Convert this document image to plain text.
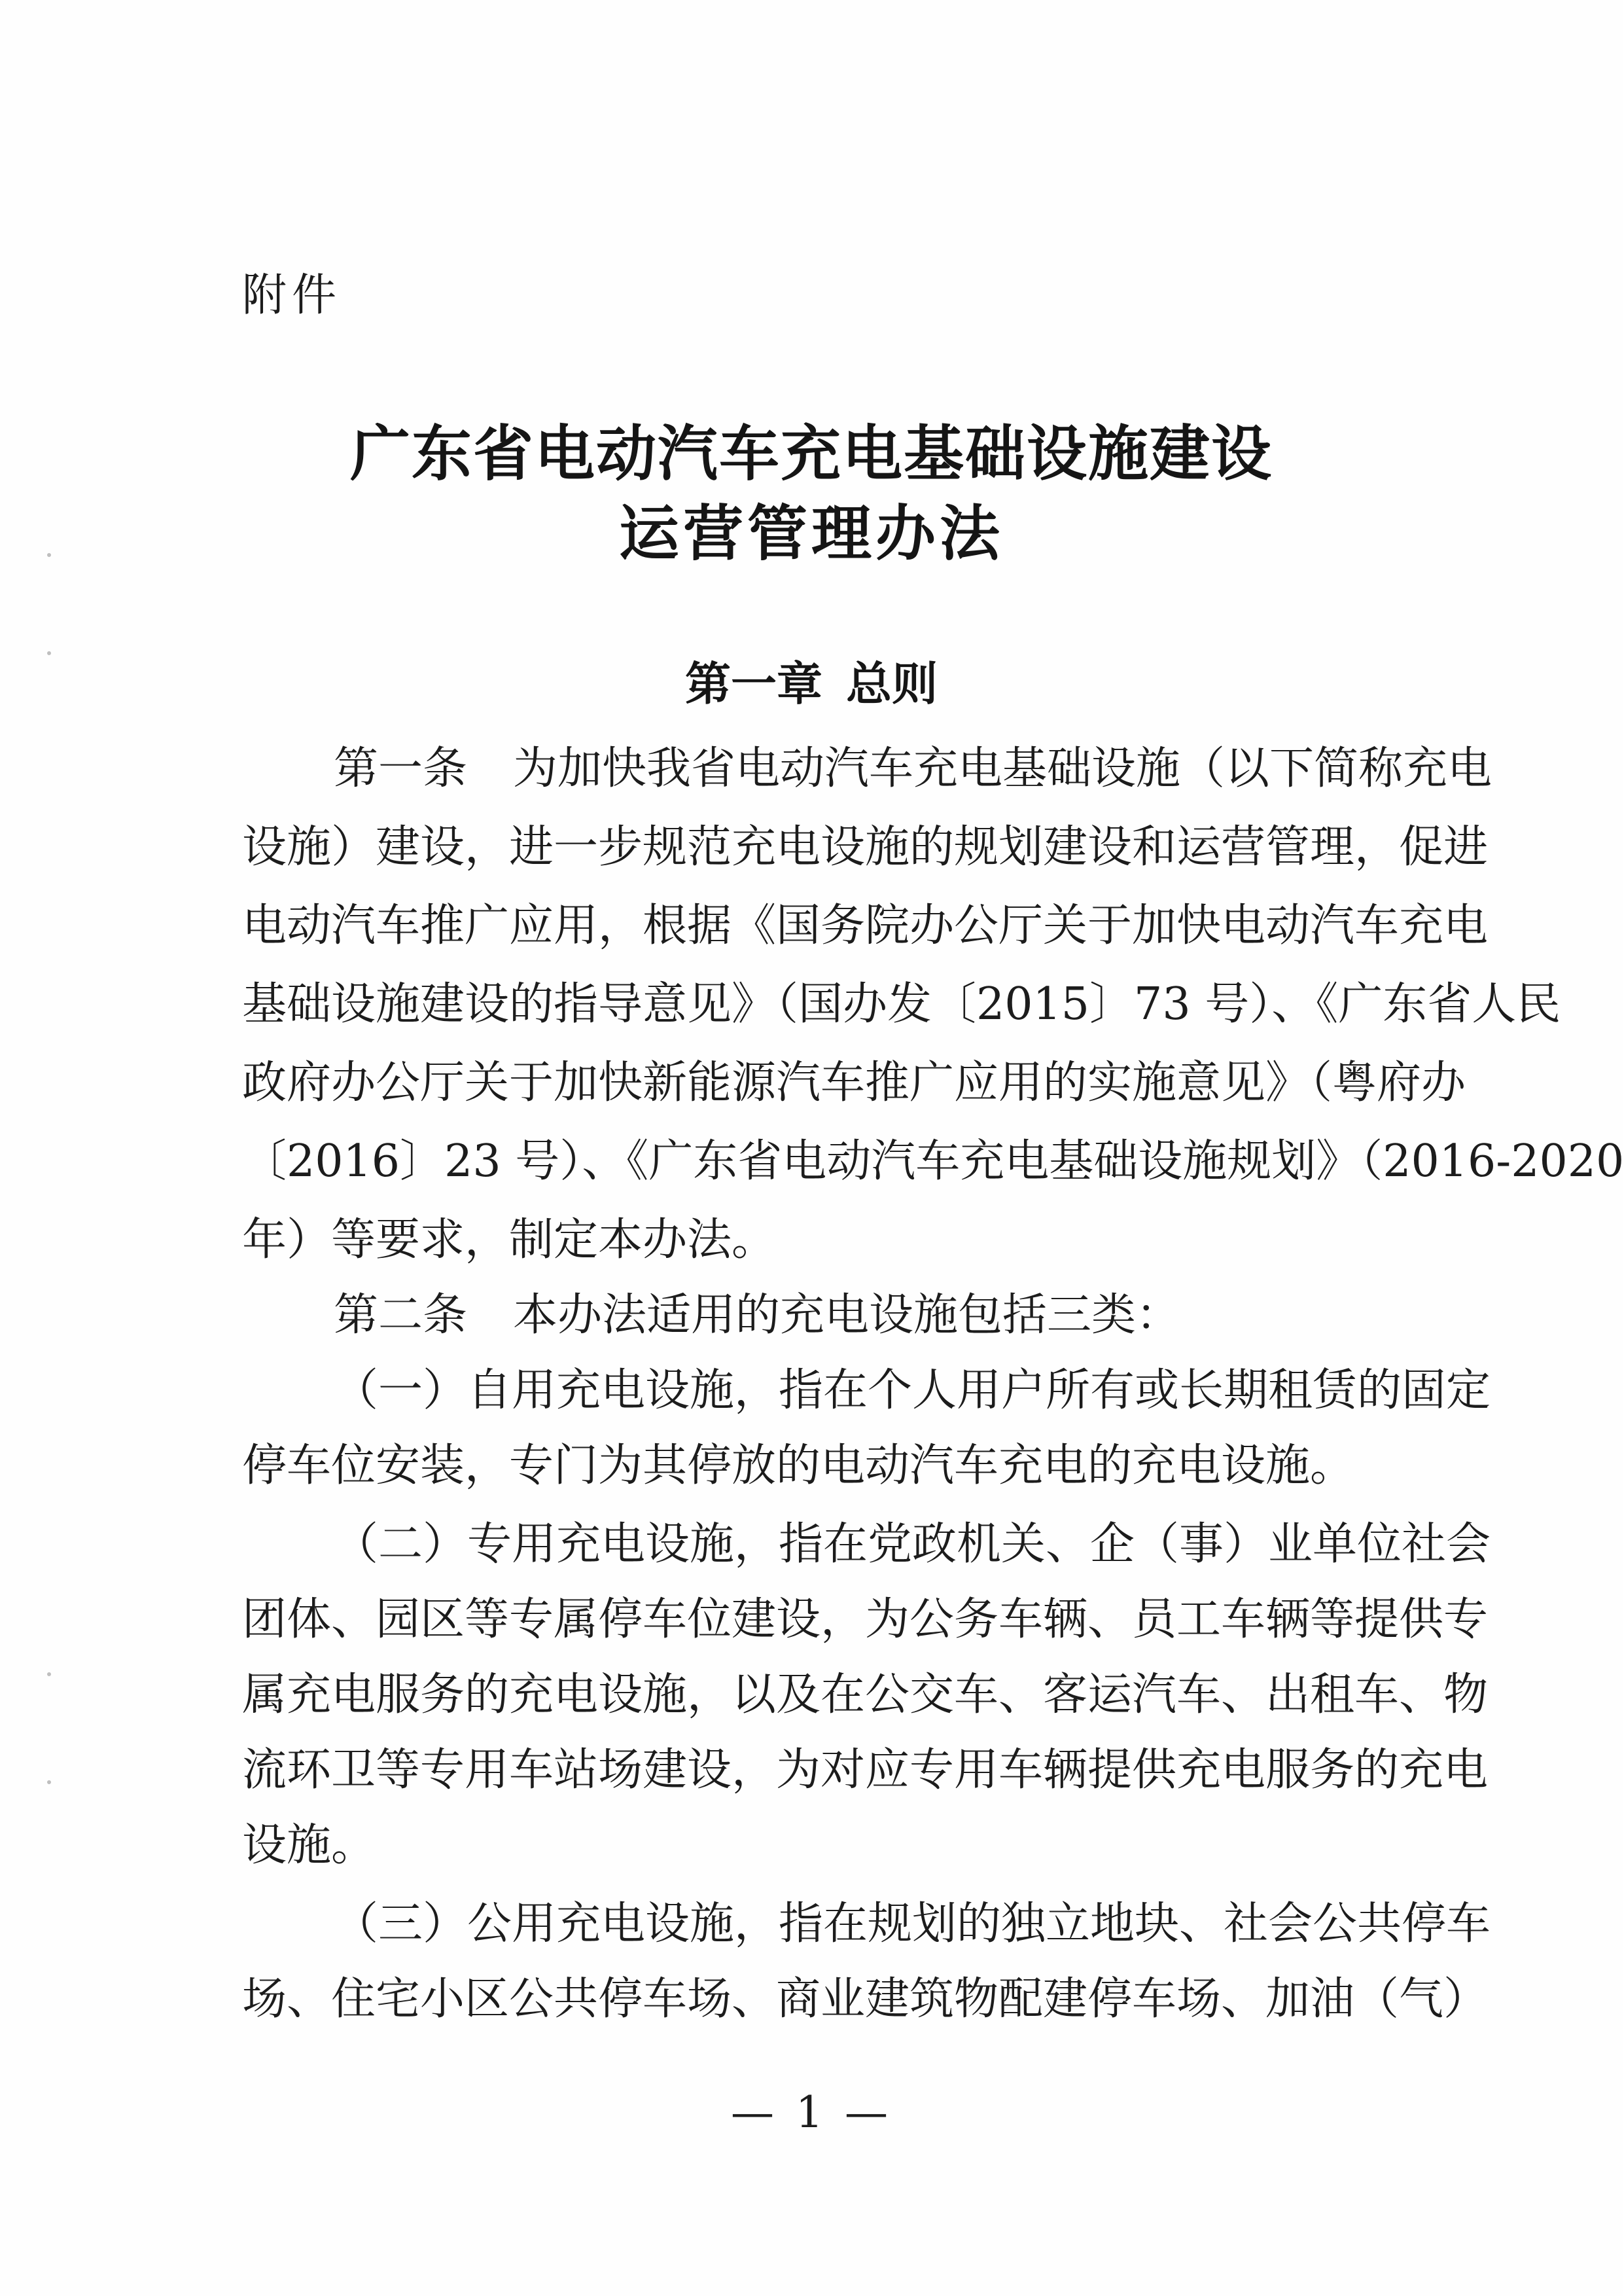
附件
广东省电动汽车充电基础设施建设
运营管理办法
第一章 总则
第一条 为加快我省电动汽车充电基础设施（以下简称充电
设施）建设，进一步规范充电设施的规划建设和运营管理，促进
电动汽车推广应用，根据《国务院办公厅关于加快电动汽车充电
基础设施建设的指导意见》（国办发〔2015〕73 号）、《广东省人民
政府办公厅关于加快新能源汽车推广应用的实施意见》（粤府办
〔2016〕23 号）、《广东省电动汽车充电基础设施规划》（2016-2020
年）等要求，制定本办法。
第二条 本办法适用的充电设施包括三类：
（一）自用充电设施，指在个人用户所有或长期租赁的固定
停车位安装，专门为其停放的电动汽车充电的充电设施。
（二）专用充电设施，指在党政机关、企（事）业单位社会
团体、园区等专属停车位建设，为公务车辆、员工车辆等提供专
属充电服务的充电设施，以及在公交车、客运汽车、出租车、物
流环卫等专用车站场建设，为对应专用车辆提供充电服务的充电
设施。
（三）公用充电设施，指在规划的独立地块、社会公共停车
场、住宅小区公共停车场、商业建筑物配建停车场、加油（气）
— 1 —
